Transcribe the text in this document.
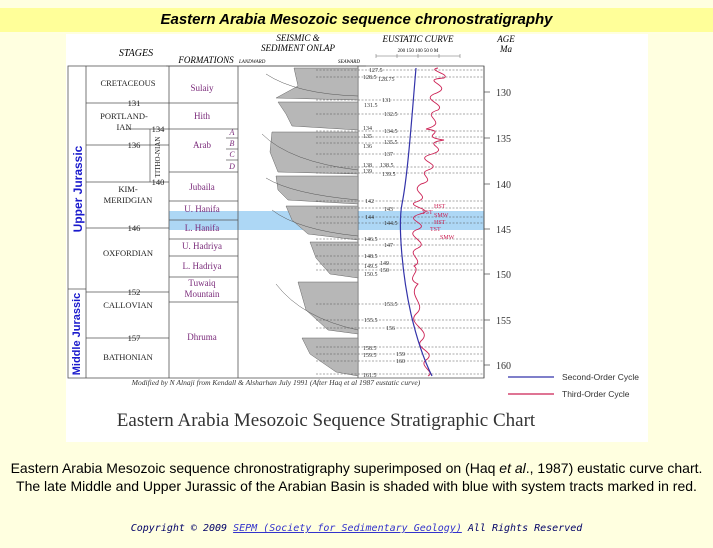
Eastern Arabia Mesozoic sequence chronostratigraphy
STAGES
FORMATIONS
SEISMIC &
SEDIMENT ONLAP
LANDWARD	SEAWARD
EUSTATIC CURVE
200 150 100 50 0 M
AGE
Ma
Upper Jurassic
Middle Jurassic
CRETACEOUS
PORTLAND-
IAN
KIM-
MERIDGIAN
OXFORDIAN
CALLOVIAN
BATHONIAN
TITHO-NIAN
131
134
136
140
146
152
157
Sulaiy
Hith
Arab
Jubaila
U. Hanifa
L. Hanifa
U. Hadriya
L. Hadriya
Tuwaiq
Mountain
Dhruma
A
B
C
D
127.5
128.5 128.75
131
131.5
132.5
134 134.5
135
135.5
136
137
138 138.5
139 139.5
142
143
144
144.5
146.5
147
148.5
149
149.5
150
150.5
153.5
155.5
156
158.5
159
159.5
160
161.5
HST
TST SMW
HST
TST
SMW
130
135
140
145
150
155
160
Second-Order Cycle
Third-Order Cycle
Modified by N Alnaji from Kendall & Alsharhan July 1991 (After Haq et al 1987 eustatic curve)
Eastern Arabia Mesozoic Sequence Stratigraphic Chart
Eastern Arabia Mesozoic sequence chronostratigraphy superimposed on (Haq et al., 1987) eustatic curve chart. The late Middle and Upper Jurassic of the Arabian Basin is shaded with blue with system tracts marked in red.
Copyright © 2009 SEPM (Society for Sedimentary Geology) All Rights Reserved
